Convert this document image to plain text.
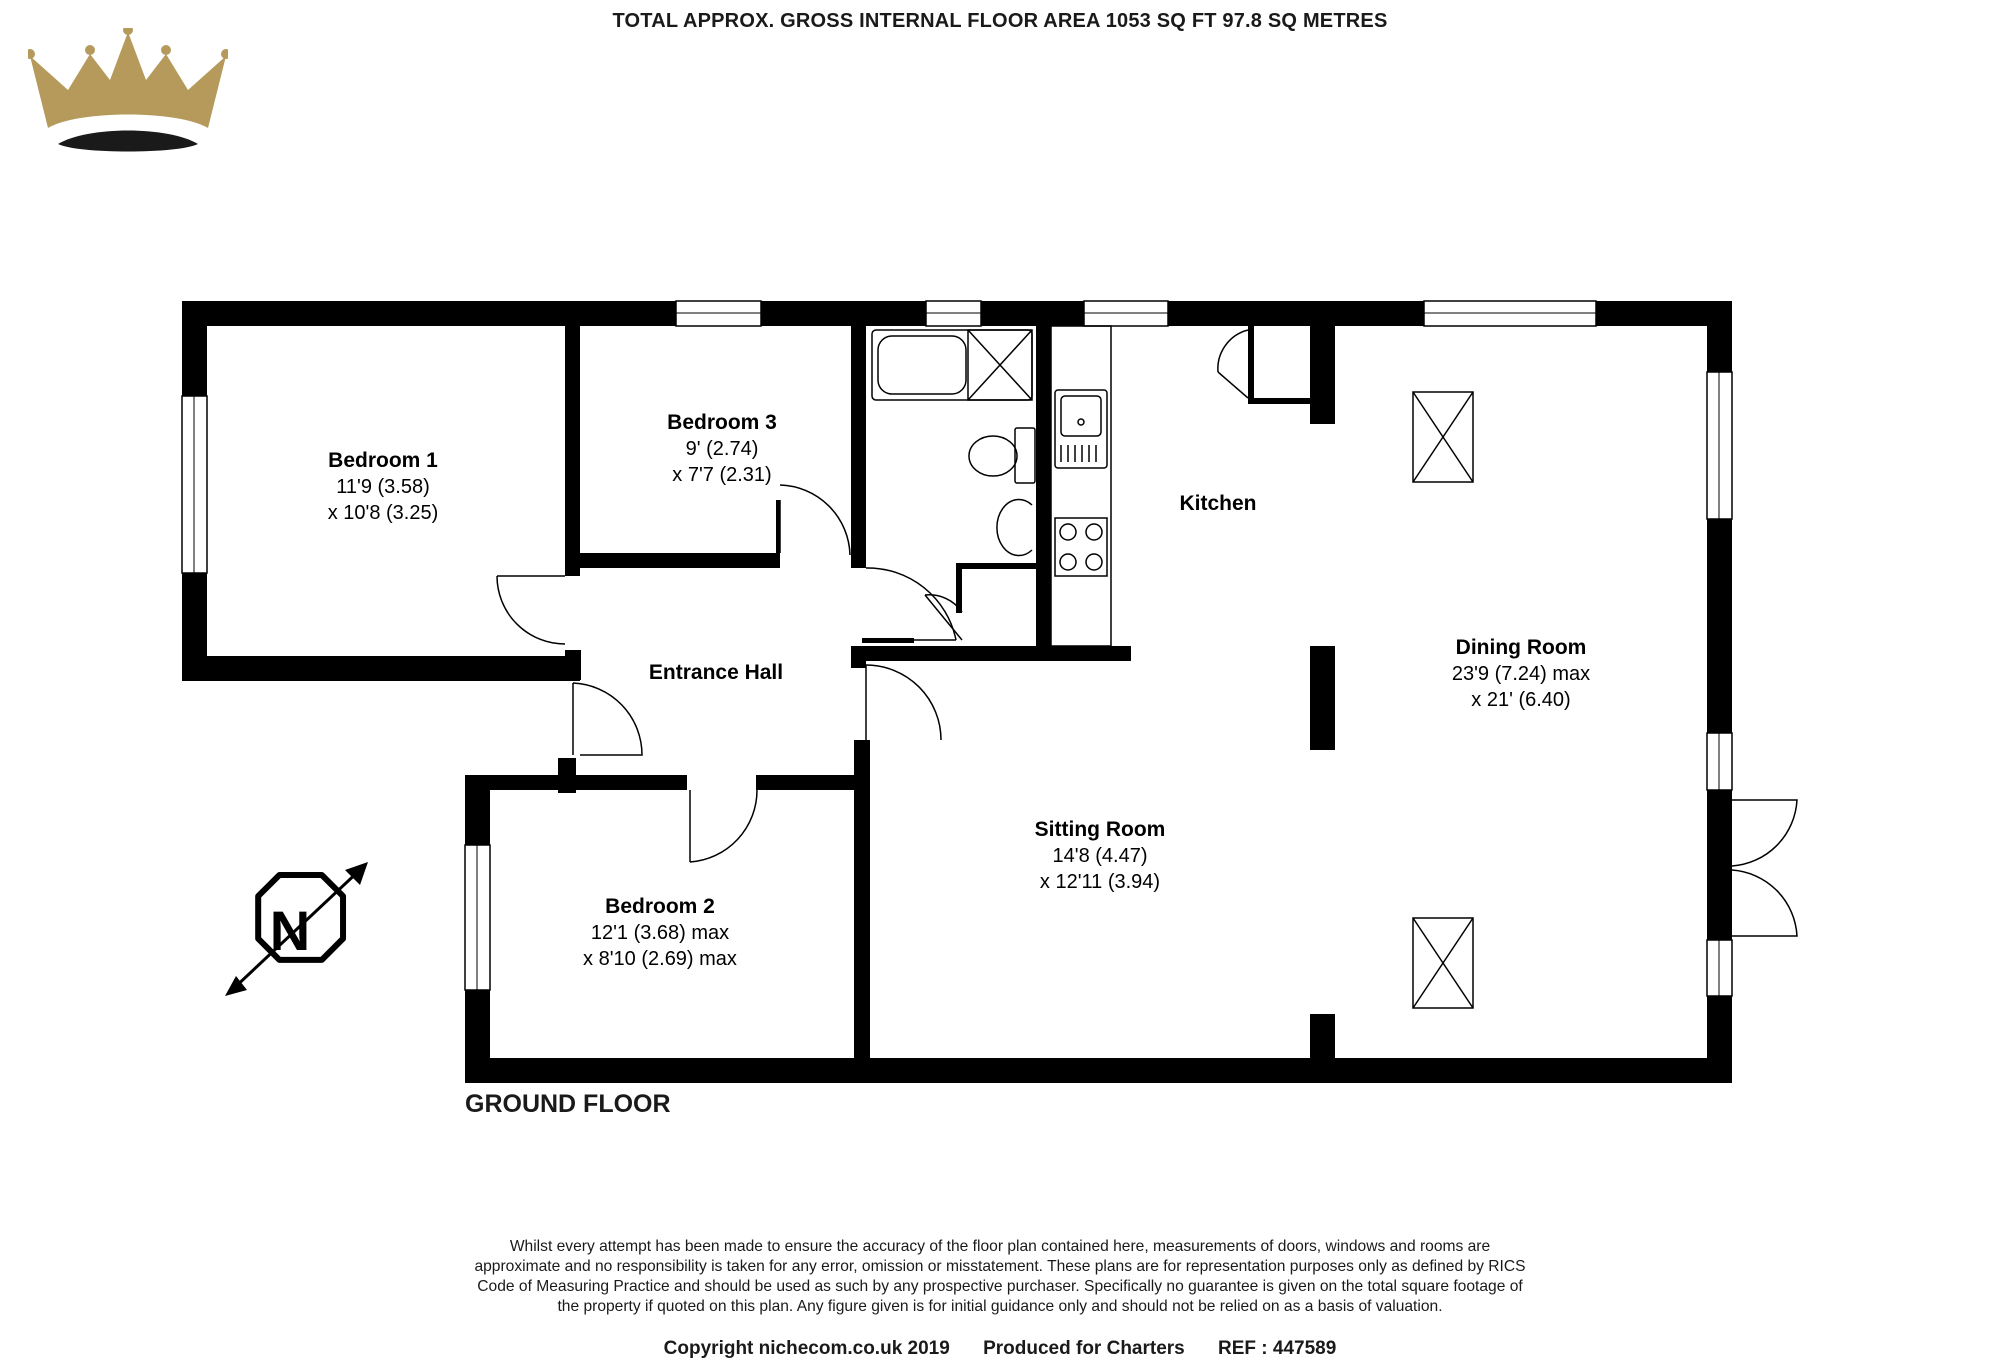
TOTAL APPROX. GROSS INTERNAL FLOOR AREA 1053 SQ FT 97.8 SQ METRES
Bedroom 1
11'9 (3.58)
x 10'8 (3.25)
Bedroom 3
9' (2.74)
x 7'7 (2.31)
Kitchen
Entrance Hall
Dining Room
23'9 (7.24) max
x 21' (6.40)
Sitting Room
14'8 (4.47)
x 12'11 (3.94)
Bedroom 2
12'1 (3.68) max
x 8'10 (2.69) max
N
GROUND FLOOR
Whilst every attempt has been made to ensure the accuracy of the floor plan contained here, measurements of doors, windows and rooms are approximate and no responsibility is taken for any error, omission or misstatement. These plans are for representation purposes only as defined by RICS Code of Measuring Practice and should be used as such by any prospective purchaser. Specifically no guarantee is given on the total square footage of the property if quoted on this plan. Any figure given is for initial guidance only and should not be relied on as a basis of valuation.
Copyright nichecom.co.uk 2019 Produced for Charters REF : 447589
